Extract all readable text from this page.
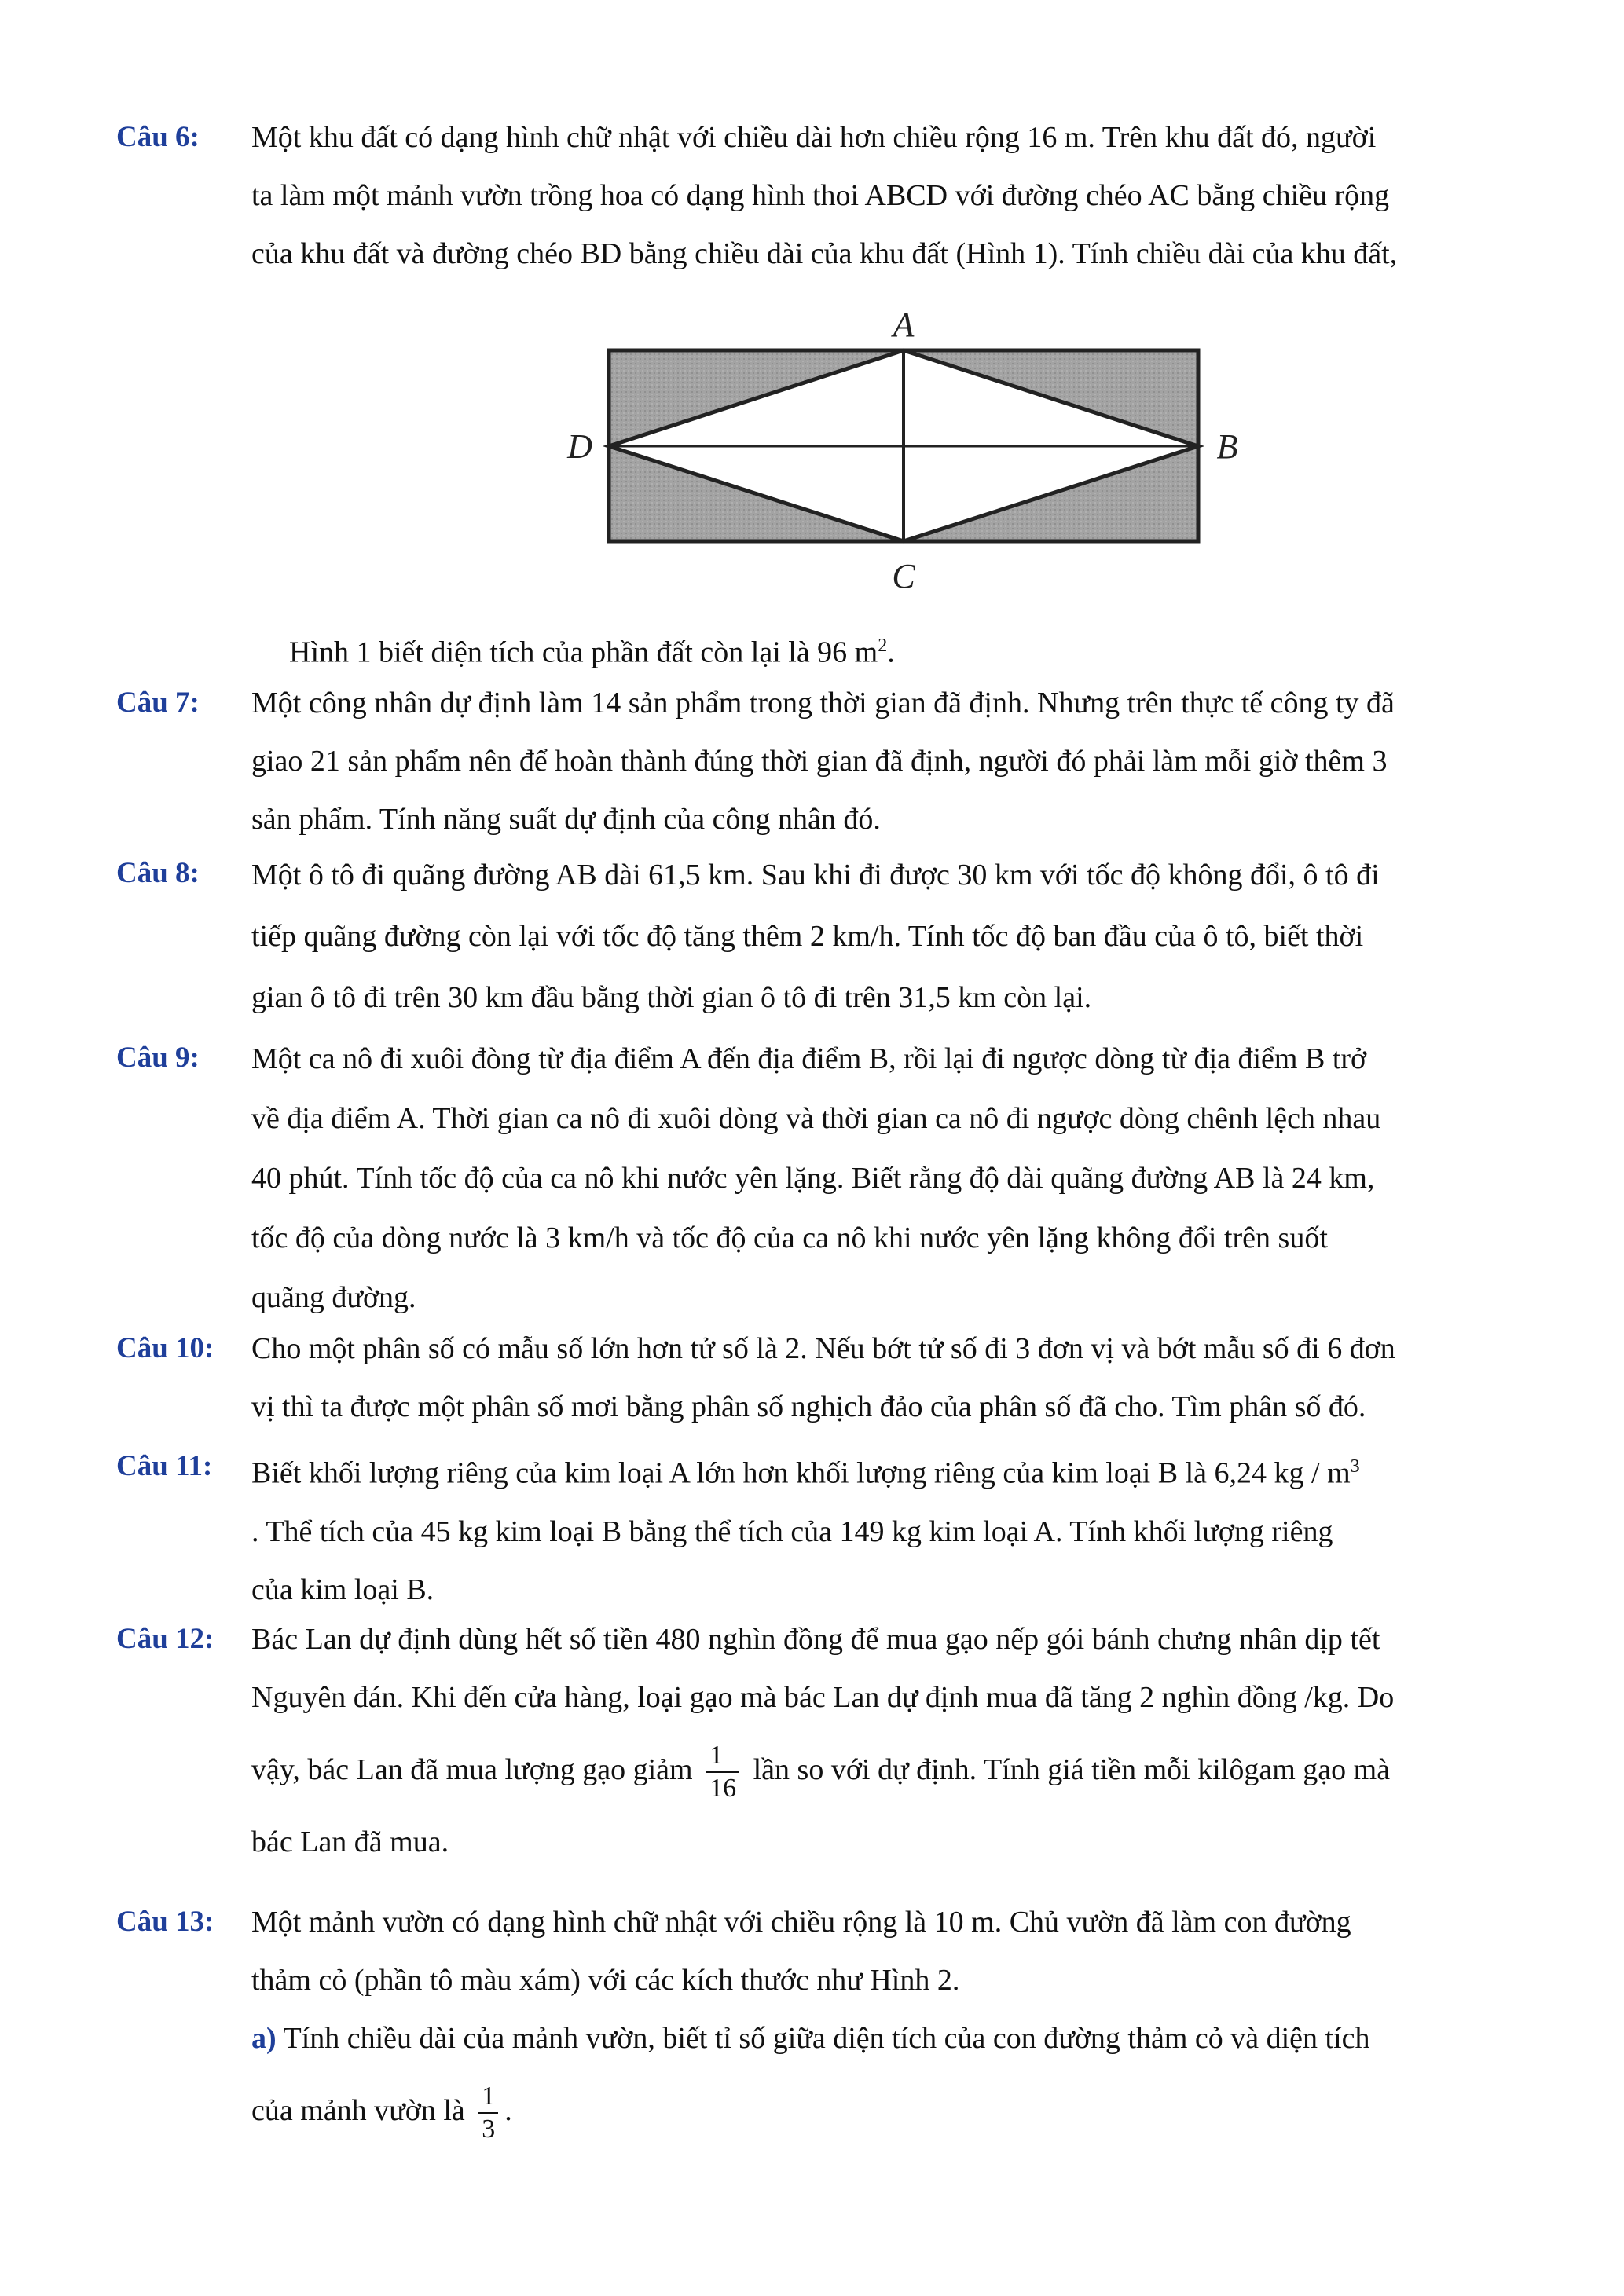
Câu 6: Một khu đất có dạng hình chữ nhật với chiều dài hơn chiều rộng 16 m. Trên khu đất đó, người

ta làm một mảnh vườn trồng hoa có dạng hình thoi ABCD với đường chéo AC bằng chiều rộng

của khu đất và đường chéo BD bằng chiều dài của khu đất (Hình 1). Tính chiều dài của khu đất,

A
B
C
D
Hình 1 biết diện tích của phần đất còn lại là 96 $m^2$.
Câu 7: Một công nhân dự định làm 14 sản phẩm trong thời gian đã định. Nhưng trên thực tế công ty đã

giao 21 sản phẩm nên để hoàn thành đúng thời gian đã định, người đó phải làm mỗi giờ thêm 3

sản phẩm. Tính năng suất dự định của công nhân đó.

Câu 8: Một ô tô đi quãng đường AB dài 61,5 km. Sau khi đi được 30 km với tốc độ không đổi, ô tô đi

tiếp quãng đường còn lại với tốc độ tăng thêm 2 km/h. Tính tốc độ ban đầu của ô tô, biết thời

gian ô tô đi trên 30 km đầu bằng thời gian ô tô đi trên 31,5 km còn lại.

Câu 9: Một ca nô đi xuôi đòng từ địa điểm A đến địa điểm B, rồi lại đi ngược dòng từ địa điểm B trở

về địa điểm A. Thời gian ca nô đi xuôi dòng và thời gian ca nô đi ngược dòng chênh lệch nhau

40 phút. Tính tốc độ của ca nô khi nước yên lặng. Biết rằng độ dài quãng đường AB là 24 km,

tốc độ của dòng nước là 3 km/h và tốc độ của ca nô khi nước yên lặng không đổi trên suốt

quãng đường.

Câu 10: Cho một phân số có mẫu số lớn hơn tử số là 2. Nếu bớt tử số đi 3 đơn vị và bớt mẫu số đi 6 đơn

vị thì ta được một phân số mơi bằng phân số nghịch đảo của phân số đã cho. Tìm phân số đó.

Câu 11: Biết khối lượng riêng của kim loại A lớn hơn khối lượng riêng của kim loại B là 6,24 kg / $m^3$

. Thể tích của 45 kg kim loại B bằng thể tích của 149 kg kim loại A. Tính khối lượng riêng

của kim loại B.

Câu 12: Bác Lan dự định dùng hết số tiền 480 nghìn đồng để mua gạo nếp gói bánh chưng nhân dịp tết

Nguyên đán. Khi đến cửa hàng, loại gạo mà bác Lan dự định mua đã tăng 2 nghìn đồng /kg. Do

vậy, bác Lan đã mua lượng gạo giảm $\frac{1}{16}$ lần so với dự định. Tính giá tiền mỗi kilôgam gạo mà

bác Lan đã mua.

Câu 13: Một mảnh vườn có dạng hình chữ nhật với chiều rộng là 10 m. Chủ vườn đã làm con đường

thảm cỏ (phần tô màu xám) với các kích thước như Hình 2.

a) Tính chiều dài của mảnh vườn, biết tỉ số giữa diện tích của con đường thảm cỏ và diện tích

của mảnh vườn là $\frac{1}{3}$ .
